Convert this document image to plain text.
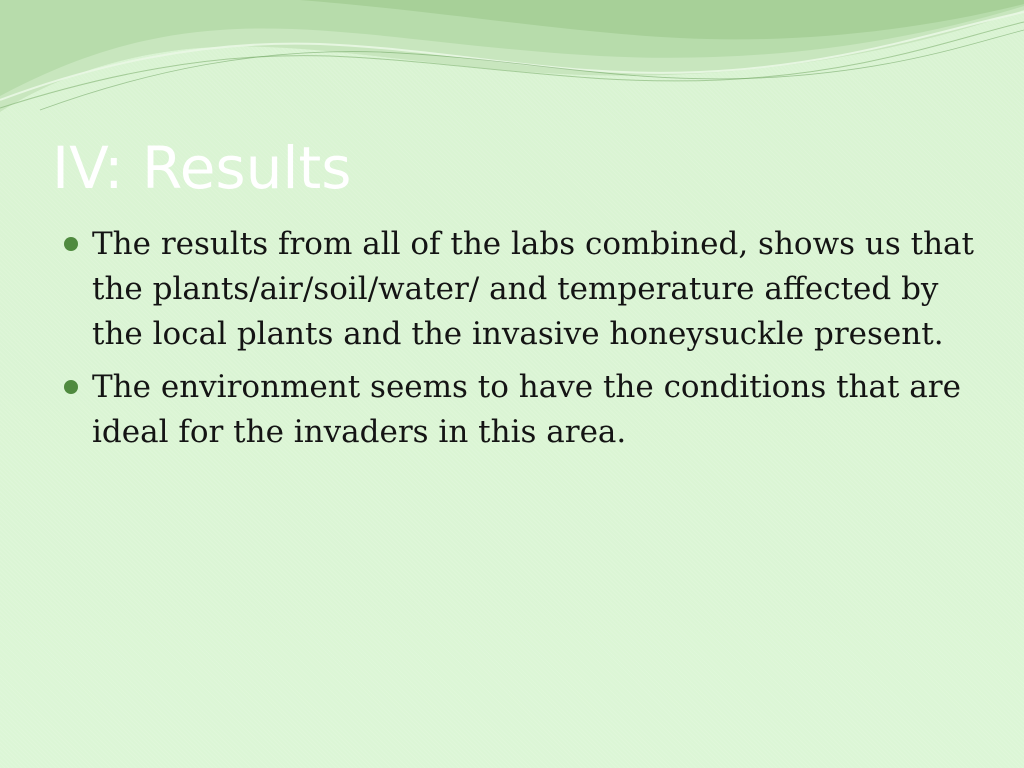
IV: Results
The results from all of the labs combined, shows us that the plants/air/soil/water/ and temperature affected by the local plants and the invasive honeysuckle present.
The environment seems to have the conditions that are ideal for the invaders in this area.
